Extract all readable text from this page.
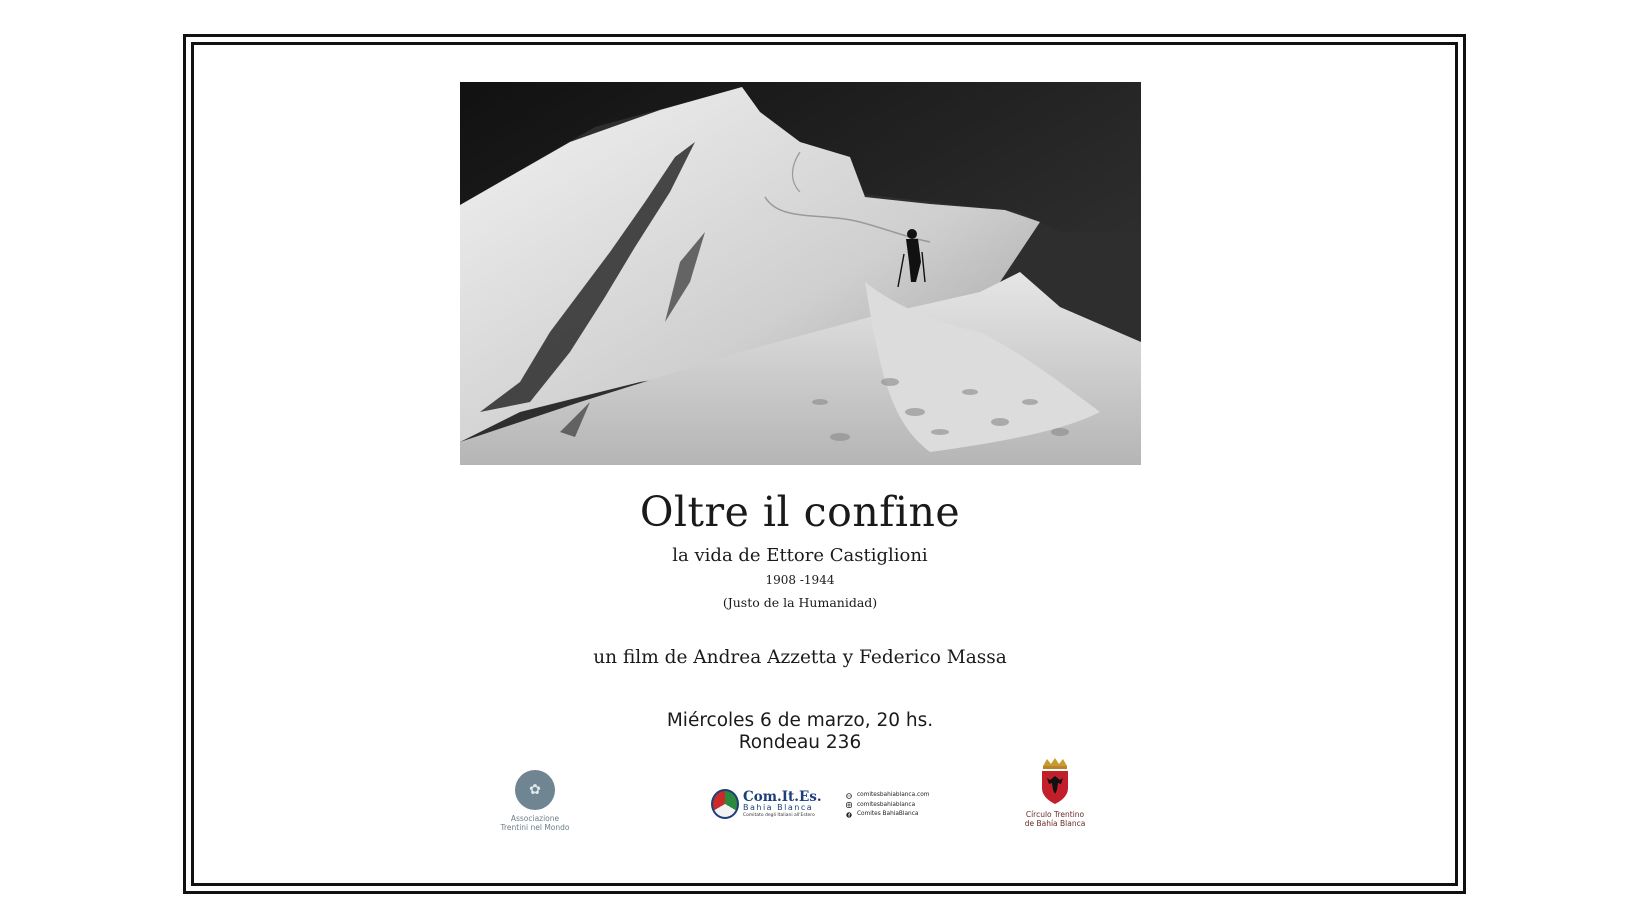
Oltre il confine
la vida de Ettore Castiglioni
1908 -1944
(Justo de la Humanidad)
un film de Andrea Azzetta y Federico Massa
Miércoles 6 de marzo, 20 hs.
Rondeau 236
✿
Associazione
Trentini nel Mondo
Com.It.Es.
Bahia Blanca
Comitato degli Italiani all'Estero
comitesbahiablanca.com
comitesbahiablanca
Comites BahiaBlanca	Círculo Trentino
de Bahía Blanca
